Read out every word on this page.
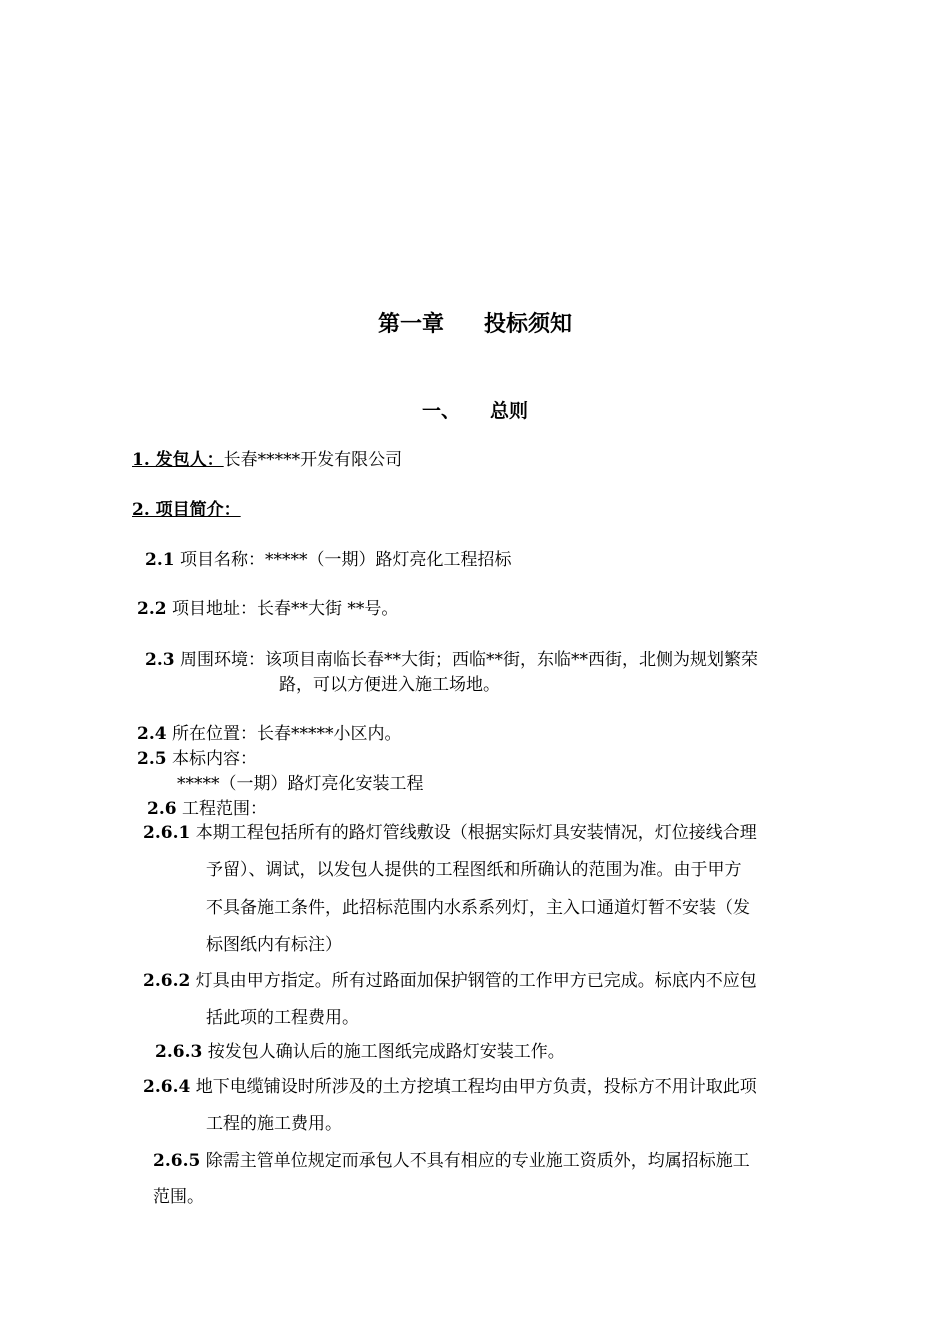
第一章 投标须知
一、 总则
1. 发包人：长春*****开发有限公司
2. 项目简介：
2.1 项目名称：*****（一期）路灯亮化工程招标
2.2 项目地址：长春**大街 **号。
2.3 周围环境：该项目南临长春**大街；西临**街，东临**西街，北侧为规划繁荣
路，可以方便进入施工场地。
2.4 所在位置：长春*****小区内。
2.5 本标内容：
*****（一期）路灯亮化安装工程
2.6 工程范围：
2.6.1 本期工程包括所有的路灯管线敷设（根据实际灯具安装情况，灯位接线合理
予留）、调试，以发包人提供的工程图纸和所确认的范围为准。由于甲方
不具备施工条件，此招标范围内水系系列灯，主入口通道灯暂不安装（发
标图纸内有标注）
2.6.2 灯具由甲方指定。所有过路面加保护钢管的工作甲方已完成。标底内不应包
括此项的工程费用。
2.6.3 按发包人确认后的施工图纸完成路灯安装工作。
2.6.4 地下电缆铺设时所涉及的土方挖填工程均由甲方负责，投标方不用计取此项
工程的施工费用。
2.6.5 除需主管单位规定而承包人不具有相应的专业施工资质外，均属招标施工
范围。
